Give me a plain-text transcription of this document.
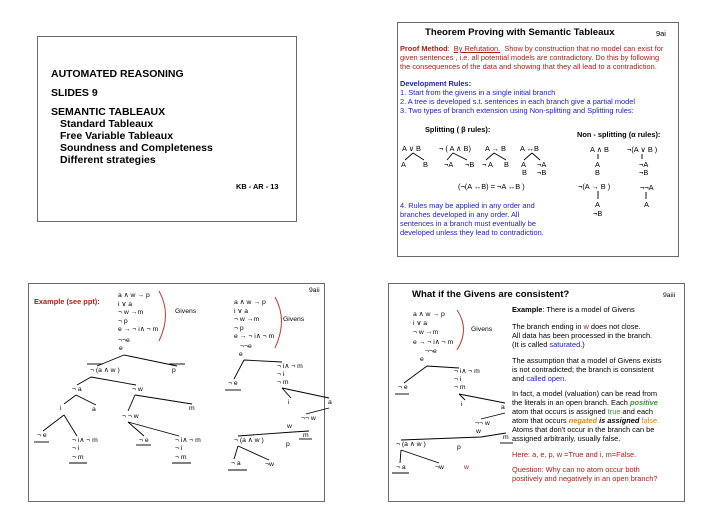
AUTOMATED REASONING
SLIDES 9
SEMANTIC TABLEAUX
Standard Tableaux
Free Variable Tableaux
Soundness and Completeness
Different strategies
KB - AR - 13
Theorem Proving with Semantic Tableaux	9ai
Proof Method:  By Refutation. Show by construction that no model can exist for
given sentences , i.e. all potential models are contradictory. Do this by following
the consequences of the data and showing that they all lead to a contradiction.
Development Rules:
1. Start from the givens in a single initial branch
2. A tree is developed s.t. sentences in each branch give a partial model
3. Two types of branch extension using Non-splitting and Splitting rules:
Splitting ( β rules):
Non - splitting (α rules):
A ∨ B ¬ ( A ∧ B) A → B A ↔B
A B ¬A ¬B ¬ A B A ¬A
B ¬B
(¬(A ↔B) = ¬A ↔B )
A ∧ B ¬(A ∨ B )
A
B
¬A
¬B
¬(A → B )	¬¬A
A
¬B
A
4. Rules may be applied in any order and
branches developed in any order. All
sentences in a branch must eventually be
developed unless they lead to contradiction.
9aii
Example (see ppt):
a ∧ w → p
i ∨ a
¬ w →m
¬ p
e → ¬ i∧ ¬ m
Givens
a ∧ w → p
i ∨ a
¬ w →m
¬ p
e → ¬ i∧ ¬ m
Givens
¬¬e
e
¬ (a ∧ w )	p
¬ a	¬ w
i	a
¬ ¬ w
m
¬ e
¬ i∧ ¬ m	¬ e	¬ i∧ ¬ m
¬ i
¬ m
¬ i
¬ m
¬¬e
e
¬ i∧ ¬ m
¬ i
¬ e	¬ m
i	a
¬¬ w
w
m
¬ (a ∧ w )
p
¬ a	¬w
What if the Givens are consistent?	9aiii
Example: There is a model of Givens
a ∧ w → p
i ∨ a
¬ w →m
e → ¬ i∧ ¬ m
Givens
¬¬e
e
¬ i∧ ¬ m
¬ i
¬ e	¬ m
i	a
¬¬ w
w
m
¬ (a ∧ w )	p
¬ a	¬w	w
The branch ending in w does not close.
All data has been processed in the branch.
(It is called saturated.)
The assumption that a model of Givens exists
is not contradicted; the branch is consistent
and called open.
In fact, a model (valuation) can be read from
the literals in an open branch. Each positive
atom that occurs is assigned true and each
atom that occurs negated is assigned false.
Atoms that don't occur in the branch can be
assigned arbitrarily, usually false.
Here: a, e, p, w =True and i, m=False.
Question: Why can no atom occur both
positively and negatively in an open branch?
